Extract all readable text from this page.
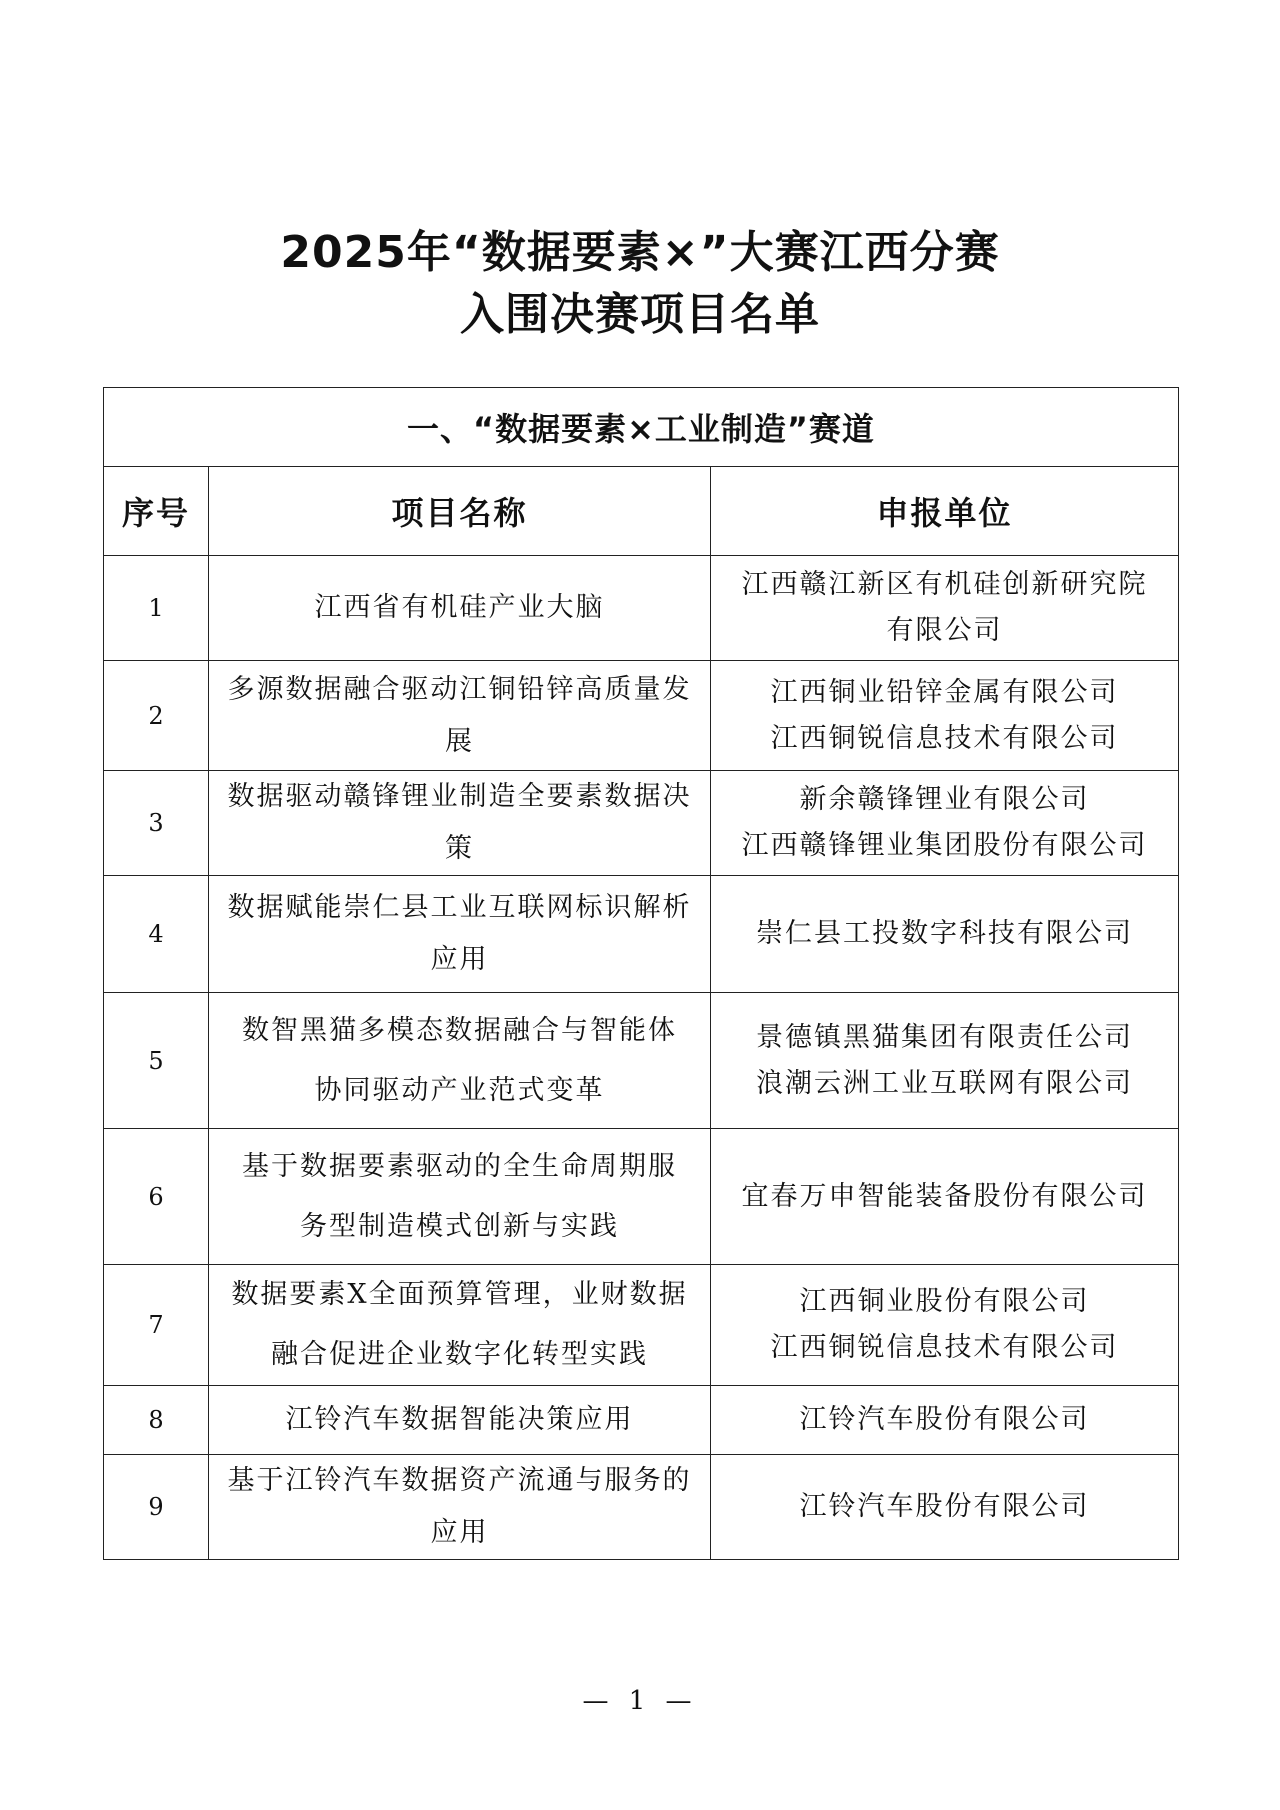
2025年“数据要素×”大赛江西分赛
入围决赛项目名单
一、“数据要素×工业制造”赛道		
序号	项目名称	申报单位
1	江西省有机硅产业大脑	江西赣江新区有机硅创新研究院
有限公司

2	多源数据融合驱动江铜铅锌高质量发展	江西铜业铅锌金属有限公司
江西铜锐信息技术有限公司

3	数据驱动赣锋锂业制造全要素数据决策	新余赣锋锂业有限公司
江西赣锋锂业集团股份有限公司

4	数据赋能崇仁县工业互联网标识解析应用	崇仁县工投数字科技有限公司

5	数智黑猫多模态数据融合与智能体
协同驱动产业范式变革	景德镇黑猫集团有限责任公司
浪潮云洲工业互联网有限公司

6	基于数据要素驱动的全生命周期服
务型制造模式创新与实践	宜春万申智能装备股份有限公司

7	数据要素X全面预算管理，业财数据
融合促进企业数字化转型实践	江西铜业股份有限公司
江西铜锐信息技术有限公司

8	江铃汽车数据智能决策应用	江铃汽车股份有限公司

9	基于江铃汽车数据资产流通与服务的应用	江铃汽车股份有限公司
— 1 —
